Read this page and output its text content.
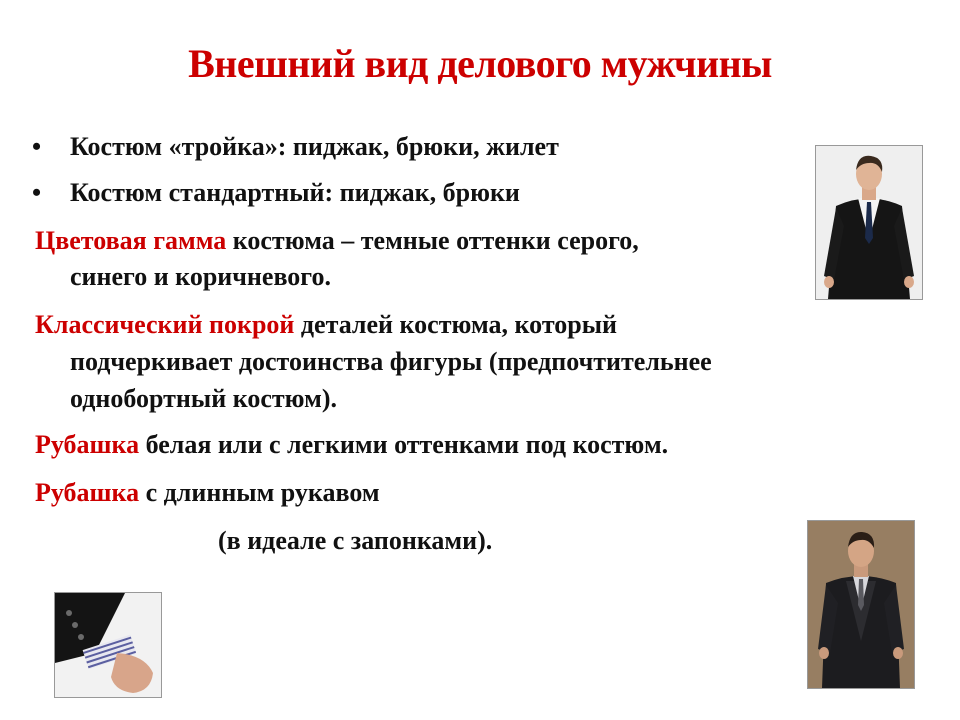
Внешний вид делового мужчины
• Костюм «тройка»: пиджак, брюки, жилет
• Костюм стандартный: пиджак, брюки
Цветовая гамма костюма – темные оттенки серого,
синего и коричневого.
Классический покрой деталей костюма, который
подчеркивает достоинства фигуры (предпочтительнее
однобортный костюм).
Рубашка белая или с легкими оттенками под костюм.
Рубашка с длинным рукавом
(в идеале с запонками).
